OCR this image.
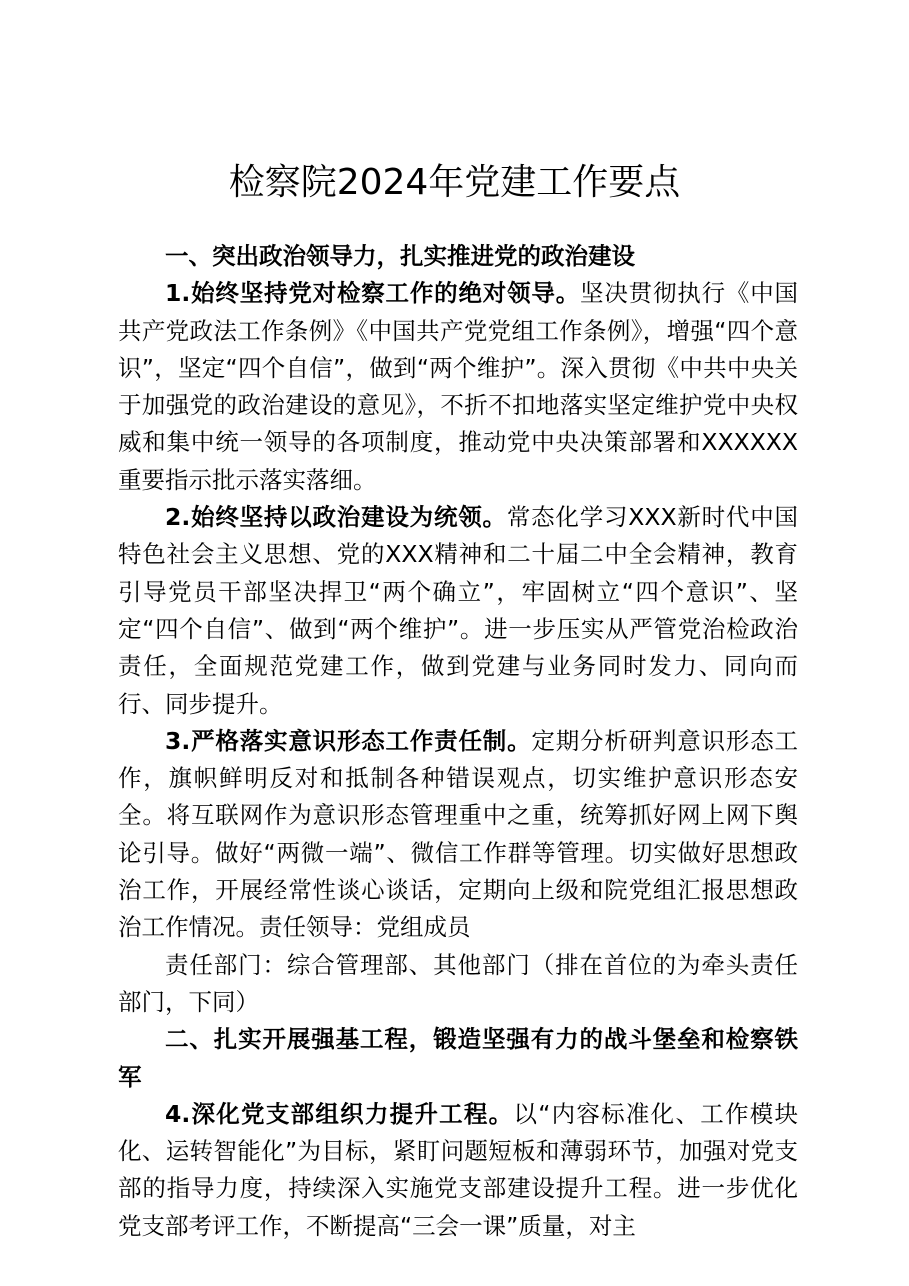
检察院2024年党建工作要点

一、突出政治领导力，扎实推进党的政治建设

1.始终坚持党对检察工作的绝对领导。坚决贯彻执行《中国共产党政法工作条例》《中国共产党党组工作条例》，增强“四个意识”，坚定“四个自信”，做到“两个维护”。深入贯彻《中共中央关于加强党的政治建设的意见》，不折不扣地落实坚定维护党中央权威和集中统一领导的各项制度，推动党中央决策部署和XXXXXX重要指示批示落实落细。

2.始终坚持以政治建设为统领。常态化学习XXX新时代中国特色社会主义思想、党的XXX精神和二十届二中全会精神，教育引导党员干部坚决捍卫“两个确立”，牢固树立“四个意识”、坚定“四个自信”、做到“两个维护”。进一步压实从严管党治检政治责任，全面规范党建工作，做到党建与业务同时发力、同向而行、同步提升。

3.严格落实意识形态工作责任制。定期分析研判意识形态工作，旗帜鲜明反对和抵制各种错误观点，切实维护意识形态安全。将互联网作为意识形态管理重中之重，统筹抓好网上网下舆论引导。做好“两微一端”、微信工作群等管理。切实做好思想政治工作，开展经常性谈心谈话，定期向上级和院党组汇报思想政治工作情况。责任领导：党组成员

责任部门：综合管理部、其他部门（排在首位的为牵头责任部门，下同）

二、扎实开展强基工程，锻造坚强有力的战斗堡垒和检察铁军

4.深化党支部组织力提升工程。以“内容标准化、工作模块化、运转智能化”为目标，紧盯问题短板和薄弱环节，加强对党支部的指导力度，持续深入实施党支部建设提升工程。进一步优化党支部考评工作，不断提高“三会一课”质量，对主
